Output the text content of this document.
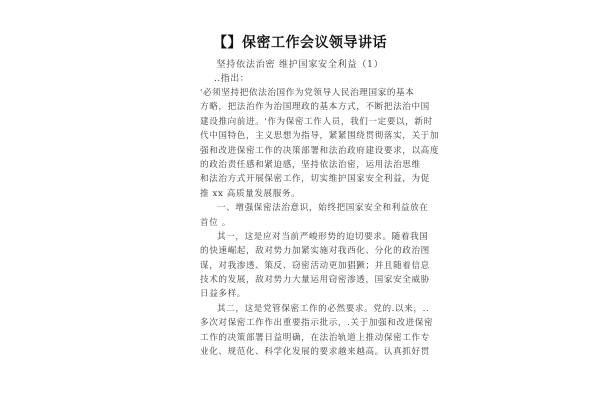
【】保密工作会议领导讲话
坚持依法治密 维护国家安全利益（1）
..指出：
'必须坚持把依法治国作为党领导人民治理国家的基本
方略，把法治作为治国理政的基本方式，不断把法治中国
建设推向前进。'作为保密工作人员，我们一定要以，新时
代中国特色，主义思想为指导，紧紧围绕贯彻落实，关于加
强和改进保密工作的决策部署和法治政府建设要求，以高度
的政治责任感和紧迫感，坚持依法治密，运用法治思维
和法治方式开展保密工作，切实维护国家安全利益，为促
推 xx 高质量发展服务。
一、增强保密法治意识，始终把国家安全和利益放在
首位 。
其一，这是应对当前严峻形势的迫切要求。随着我国
的快速崛起，敌对势力加紧实施对我西化、分化的政治图
谋，对我渗透、策反、窃密活动更加猖獗；并且随着信息
技术的发展，敌对势力大量运用窃密渗透，国家安全威胁
日益多样。
其二，这是党管保密工作的必然要求。党的.以来，..
多次对保密工作作出重要指示批示，.关于加强和改进保密
工作的决策部署日益明确，在法治轨道上推动保密工作专
业化、规范化、科学化发展的要求越来越高。认真抓好贯
